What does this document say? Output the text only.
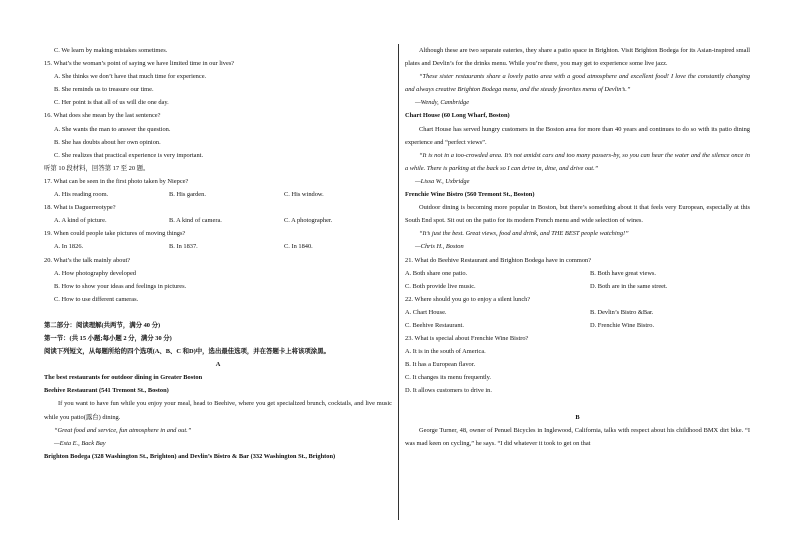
C. We learn by making mistakes sometimes.

15. What’s the woman’s point of saying we have limited time in our lives?

A. She thinks we don’t have that much time for experience.

B. She reminds us to treasure our time.

C. Her point is that all of us will die one day.

16. What does she mean by the last sentence?

A. She wants the man to answer the question.

B. She has doubts about her own opinion.

C. She realizes that practical experience is very important.

听第 10 段材料，回答第 17 至 20 题。

17. What can be seen in the first photo taken by Niepce?

A. His reading room.	B. His garden.	C. His window.

18. What is Daguerreotype?

A. A kind of picture.	B. A kind of camera.	C. A photographer.

19. When could people take pictures of moving things?

A. In 1826.	B. In 1837.	C. In 1840.

20. What’s the talk mainly about?

A. How photography developed

B. How to show your ideas and feelings in pictures.

C. How to use different cameras.

第二部分：阅读理解(共两节，满分 40 分)

第一节：(共 15 小题;每小题 2 分，满分 30 分)

阅读下列短文，从每题所给的四个选项(A、B、C 和D)中，选出最佳选项，并在答题卡上将该项涂黑。

A

The best restaurants for outdoor dining in Greater Boston

Beehive Restaurant (541 Tremont St., Boston)

If you want to have fun while you enjoy your meal, head to Beehive, where you get specialized brunch, cocktails, and live music while you patio(露台) dining.

“Great food and service, fun atmosphere in and out.”

—Esta E., Back Bay

Brighton Bodega (328 Washington St., Brighton) and Devlin’s Bistro & Bar (332 Washington St., Brighton)

Although these are two separate eateries, they share a patio space in Brighton. Visit Brighton Bodega for its Asian-inspired small plates and Devlin’s for the drinks menu. While you’re there, you may get to experience some live jazz.

“These sister restaurants share a lovely patio area with a good atmosphere and excellent food! I love the constantly changing and always creative Brighton Bodega menu, and the steady favorites menu of Devlin’s.”

—Wendy, Cambridge

Chart House (60 Long Wharf, Boston)

Chart House has served hungry customers in the Boston area for more than 40 years and continues to do so with its patio dining experience and “perfect views”.

“It is not in a too-crowded area. It’s not amidst cars and too many passers-by, so you can hear the water and the silence once in a while. There is parking at the back so I can drive in, dine, and drive out.”

—Lissa W., Uxbridge

Frenchie Wine Bistro (560 Tremont St., Boston)

Outdoor dining is becoming more popular in Boston, but there’s something about it that feels very European, especially at this South End spot. Sit out on the patio for its modern French menu and wide selection of wines.

“It’s just the best. Great views, food and drink, and THE BEST people watching!”

—Chris H., Boston

21. What do Beehive Restaurant and Brighton Bodega have in common?

A. Both share one patio.	B. Both have great views.
C. Both provide live music.	D. Both are in the same street.

22. Where should you go to enjoy a silent lunch?

A. Chart House.	B. Devlin’s Bistro &Bar.
C. Beehive Restaurant.	D. Frenchie Wine Bistro.

23. What is special about Frenchie Wine Bistro?

A. It is in the south of America.

B. It has a European flavor.

C. It changes its menu frequently.

D. It allows customers to drive in.

B

George Turner, 48, owner of Penuel Bicycles in Inglewood, California, talks with respect about his childhood BMX dirt bike. “I was mad keen on cycling,” he says. “I did whatever it took to get on that
